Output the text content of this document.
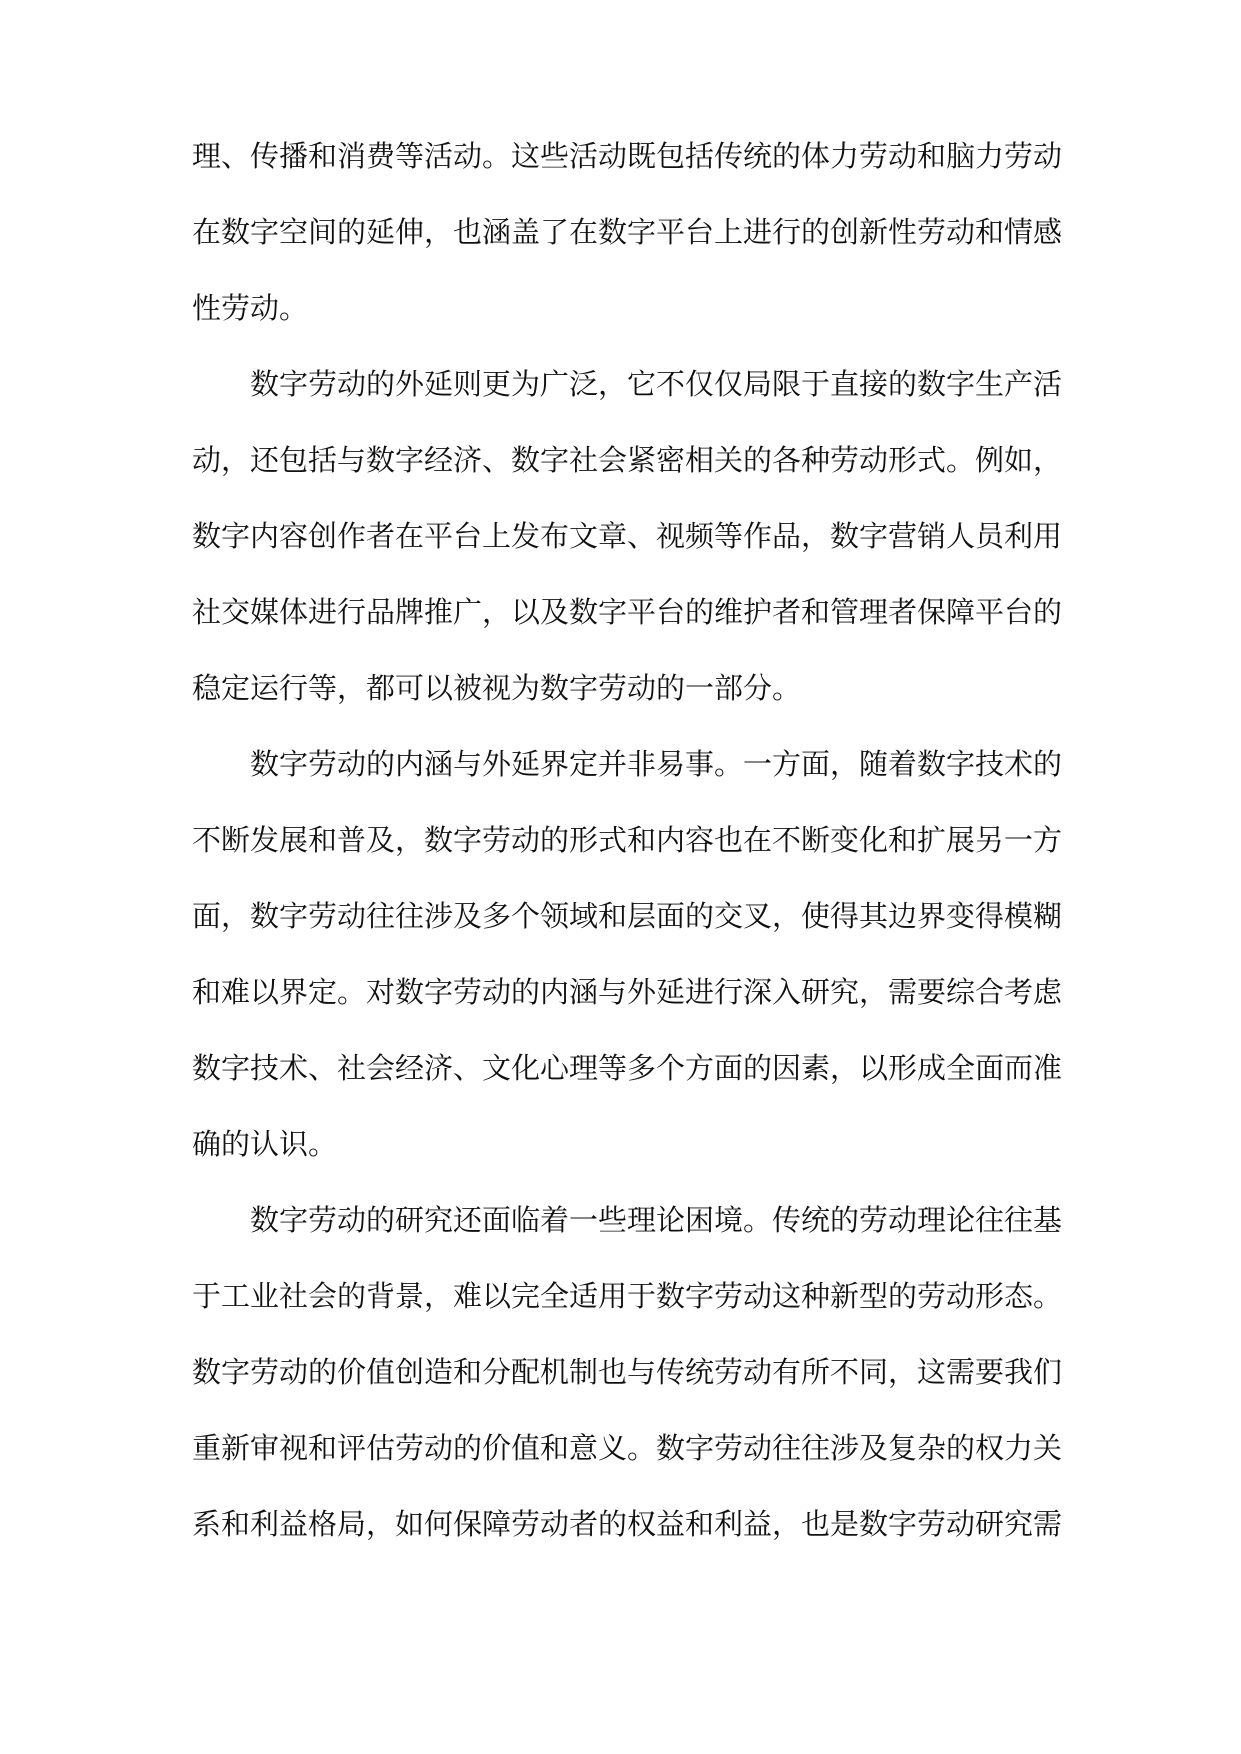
理、传播和消费等活动。这些活动既包括传统的体力劳动和脑力劳动
在数字空间的延伸，也涵盖了在数字平台上进行的创新性劳动和情感
性劳动。
数字劳动的外延则更为广泛，它不仅仅局限于直接的数字生产活
动，还包括与数字经济、数字社会紧密相关的各种劳动形式。例如，
数字内容创作者在平台上发布文章、视频等作品，数字营销人员利用
社交媒体进行品牌推广，以及数字平台的维护者和管理者保障平台的
稳定运行等，都可以被视为数字劳动的一部分。
数字劳动的内涵与外延界定并非易事。一方面，随着数字技术的
不断发展和普及，数字劳动的形式和内容也在不断变化和扩展另一方
面，数字劳动往往涉及多个领域和层面的交叉，使得其边界变得模糊
和难以界定。对数字劳动的内涵与外延进行深入研究，需要综合考虑
数字技术、社会经济、文化心理等多个方面的因素，以形成全面而准
确的认识。
数字劳动的研究还面临着一些理论困境。传统的劳动理论往往基
于工业社会的背景，难以完全适用于数字劳动这种新型的劳动形态。
数字劳动的价值创造和分配机制也与传统劳动有所不同，这需要我们
重新审视和评估劳动的价值和意义。数字劳动往往涉及复杂的权力关
系和利益格局，如何保障劳动者的权益和利益，也是数字劳动研究需
